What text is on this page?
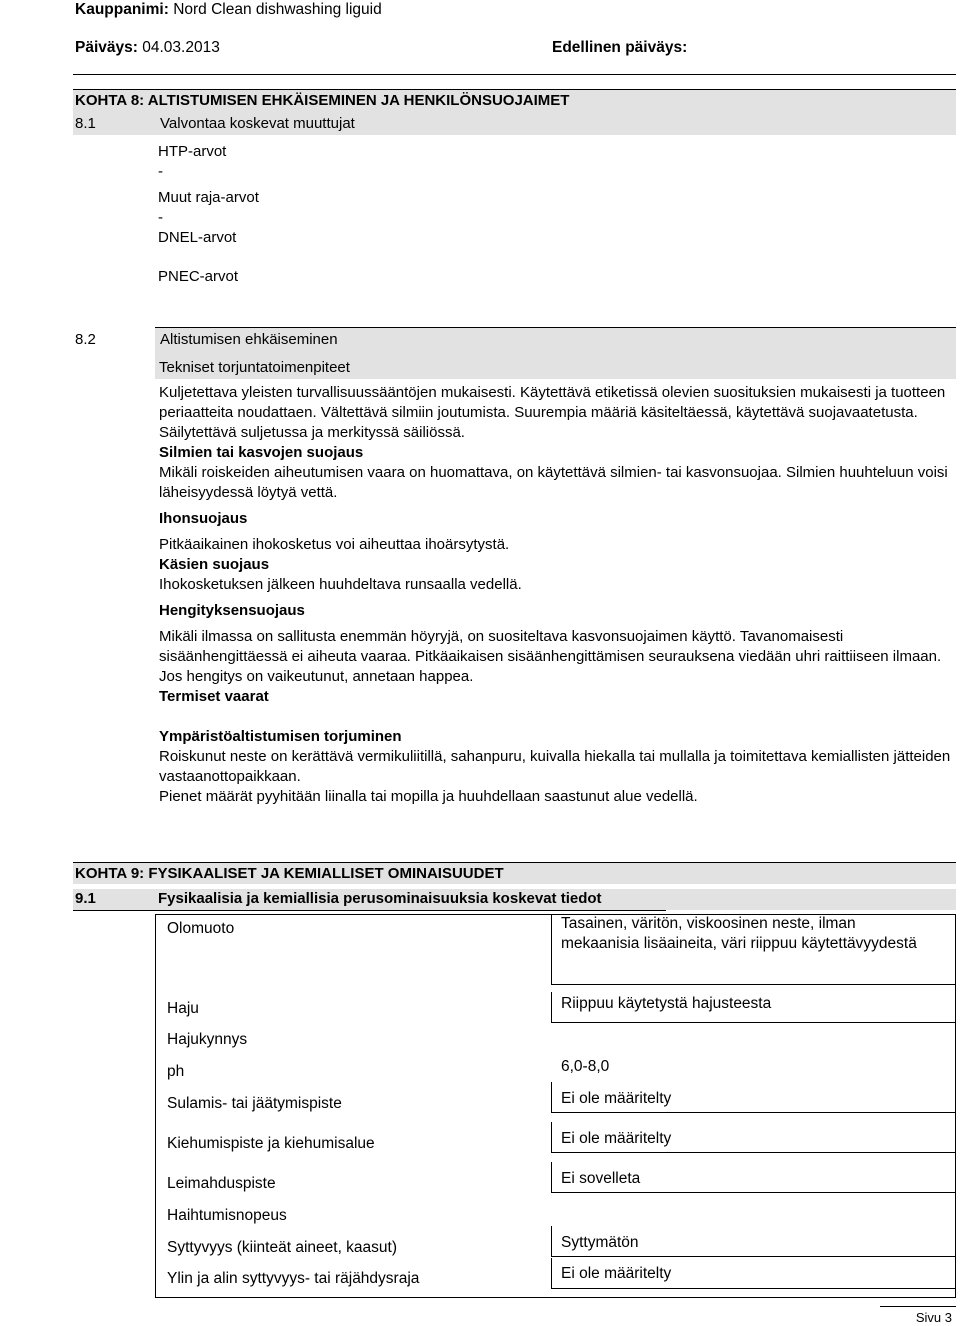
Kauppanimi: Nord Clean dishwashing liguid
Päiväys: 04.03.2013	Edellinen päiväys:
KOHTA 8: ALTISTUMISEN EHKÄISEMINEN JA HENKILÖNSUOJAIMET
8.1	Valvontaa koskevat muuttujat
HTP-arvot
-
Muut raja-arvot
-
DNEL-arvot
PNEC-arvot
8.2	Altistumisen ehkäiseminen
Tekniset torjuntatoimenpiteet

Kuljetettava yleisten turvallisuussääntöjen mukaisesti. Käytettävä etiketissä olevien suosituksien mukaisesti ja tuotteen periaatteita noudattaen. Vältettävä silmiin joutumista. Suurempia määriä käsiteltäessä, käytettävä suojavaatetusta. Säilytettävä suljetussa ja merkityssä säiliössä.

Silmien tai kasvojen suojaus

Mikäli roiskeiden aiheutumisen vaara on huomattava, on käytettävä silmien- tai kasvonsuojaa. Silmien huuhteluun voisi läheisyydessä löytyä vettä.

Ihonsuojaus

Pitkäaikainen ihokosketus voi aiheuttaa ihoärsytystä.

Käsien suojaus

Ihokosketuksen jälkeen huuhdeltava runsaalla vedellä.

Hengityksensuojaus

Mikäli ilmassa on sallitusta enemmän höyryjä, on suositeltava kasvonsuojaimen käyttö. Tavanomaisesti sisäänhengittäessä ei aiheuta vaaraa. Pitkäaikaisen sisäänhengittämisen seurauksena viedään uhri raittiiseen ilmaan. Jos hengitys on vaikeutunut, annetaan happea.

Termiset vaarat

Ympäristöaltistumisen torjuminen

Roiskunut neste on kerättävä vermikuliitillä, sahanpuru, kuivalla hiekalla tai mullalla ja toimitettava kemiallisten jätteiden vastaanottopaikkaan.

Pienet määrät pyyhitään liinalla tai mopilla ja huuhdellaan saastunut alue vedellä.

KOHTA 9: FYSIKAALISET JA KEMIALLISET OMINAISUUDET
9.1	Fysikaalisia ja kemiallisia perusominaisuuksia koskevat tiedot
Olomuoto	Tasainen, väritön, viskoosinen neste, ilman mekaanisia lisäaineita, väri riippuu käytettävyydestä
Haju	Riippuu käytetystä hajusteesta
Hajukynnys
ph	6,0-8,0
Sulamis- tai jäätymispiste	Ei ole määritelty
Kiehumispiste ja kiehumisalue	Ei ole määritelty
Leimahduspiste	Ei sovelleta
Haihtumisnopeus
Syttyvyys (kiinteät aineet, kaasut)	Syttymätön
Ylin ja alin syttyvyys- tai räjähdysraja	Ei ole määritelty
Sivu 3
